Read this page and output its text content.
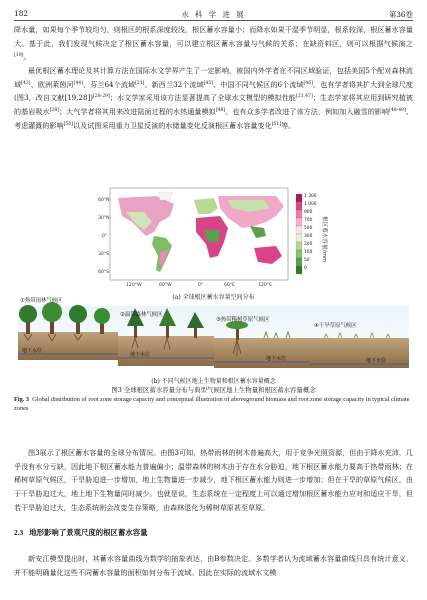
182	水 科 学 进 展	第36卷

降水量，如果每个季节较均匀，则根区的根系深度较浅，根区蓄水容量小；而降水如果干湿季节明显，根系较深，根区蓄水容量大。基于此，我们发现气候决定了根区蓄水容量，可以建立根区蓄水容量与气候的关系；在缺资料区，则可以根据气候演之[19]。

最优根区蓄水理论及其计算方法在国际水文学界产生了一定影响，被国内外学者在不同区域验证，包括美国5个配对森林流域[43]、欧洲莱茵河[44]、芬兰64个流域[21]、新西兰32个流域[45]、中国不同气候区的6个流域[46]。也有学者将其扩大到全球尺度(图3，改自文献[19,28])[28-29]；水文学家采用该方法显著提高了全球水文模型的模拟性能[21,47]；生态学家将其应用到研究植被的基岩吸水[28]；大气学者将其用来改进陆面过程的水热通量模拟[48]。也有众多学者改进了该方法，例如加入融雪的影响[48-49]、考虑灌溉的影响[50]以及试图采用重力卫星反演的水储量变化反演根区蓄水容量变化[51]等。

120°W	60°W	0°	60°E	120°E
60°N
30°N
0°
30°S
60°S
1 300
1 000
900
700
500
300
200
100
50
0
根区蓄水容量/mm
地下水位
地下水位
地下水位	地下水位
①热带雨林气候区
②温带森林气候区
③热带稀树草原气候区
④干旱草原气候区
(a) 全球根区蓄水容量空间分布
(b) 不同气候区地上生物量和根区蓄水容量概念
图3 全球根区蓄水容量分布与典型气候区地上生物量和根区蓄水容量概念
Fig. 3 Global distribution of root zone storage capacity and conceptual illustration of aboveground biomass and root zone storage capacity in typical climate zones

图3展示了根区蓄水容量的全球分布情况。由图3可知，热带雨林的树木普遍高大，用于竞争光照资源，但由于降水充沛，几乎没有水分亏缺，因此地下根区蓄水能力普遍偏小；温带森林的树木由于存在水分胁迫，地下根区蓄水能力要高于热带雨林；在稀树草原气候区，干旱胁迫进一步增加，地上生物量进一步减少，地下根区蓄水能力则进一步增加；但在干旱的草原气候区，由于干旱胁迫过大，地上地下生物量同时减少。也就是说，生态系统在一定程度上可以通过增加根区蓄水能力应对和适应干旱，但若干旱胁迫过大，生态系统则会改变生存策略，由森林退化为稀树草原甚至草原。

2.3 地形影响了景观尺度的根区蓄水容量

新安江模型提出时，其蓄水容量曲线为数学的抽象表达，由B参数决定。多数学者认为流域蓄水容量曲线只具有统计意义，并不能明确量化这些不同蓄水容量的面积如何分布于流域。因此在实际的流域水文模
